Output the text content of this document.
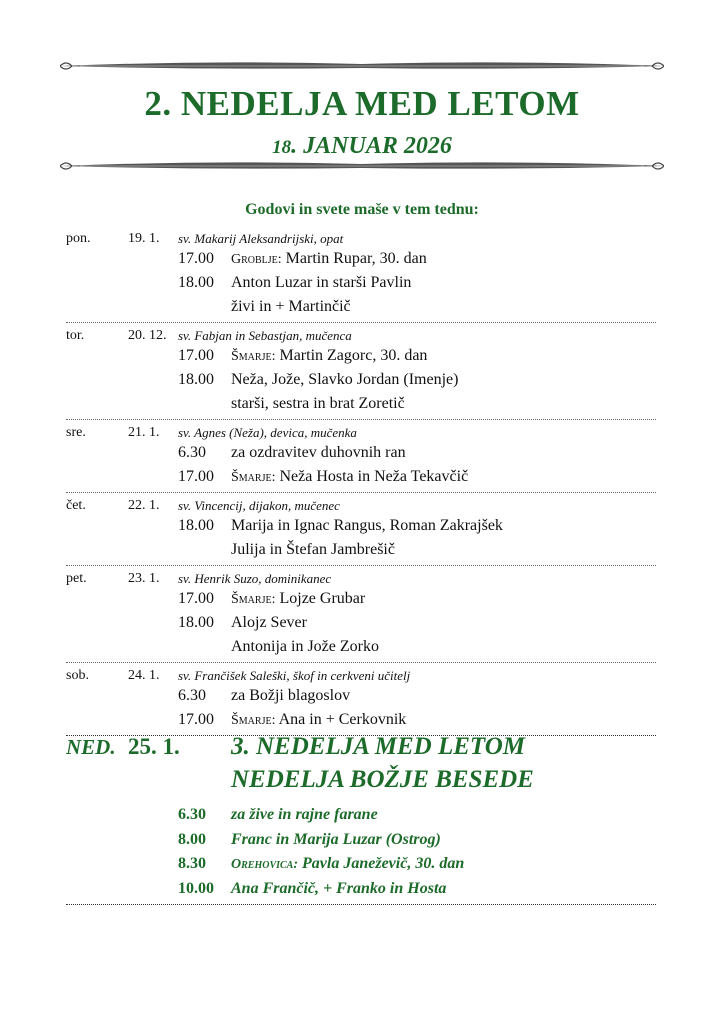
2. NEDELJA MED LETOM
18. JANUAR 2026
Godovi in svete maše v tem tednu:
pon.	19. 1. sv. Makarij Aleksandrijski, opat
17.00 Groblje: Martin Rupar, 30. dan
18.00 Anton Luzar in starši Pavlin
živi in + Martinčič
tor.	20. 12. sv. Fabjan in Sebastjan, mučenca
17.00 Šmarje: Martin Zagorc, 30. dan
18.00 Neža, Jože, Slavko Jordan (Imenje)
starši, sestra in brat Zoretič
sre.	21. 1. sv. Agnes (Neža), devica, mučenka
6.30 za ozdravitev duhovnih ran
17.00 Šmarje: Neža Hosta in Neža Tekavčič
čet.	22. 1. sv. Vincencij, dijakon, mučenec
18.00 Marija in Ignac Rangus, Roman Zakrajšek
Julija in Štefan Jambrešič
pet.	23. 1. sv. Henrik Suzo, dominikanec
17.00 Šmarje: Lojze Grubar
18.00 Alojz Sever
Antonija in Jože Zorko
sob.	24. 1. sv. Frančišek Saleški, škof in cerkveni učitelj
6.30 za Božji blagoslov
17.00 Šmarje: Ana in + Cerkovnik
NED. 25. 1. 3. NEDELJA MED LETOM
NEDELJA BOŽJE BESEDE
6.30 za žive in rajne farane
8.00 Franc in Marija Luzar (Ostrog)
8.30 Orehovica: Pavla Janeževič, 30. dan
10.00 Ana Frančič, + Franko in Hosta
